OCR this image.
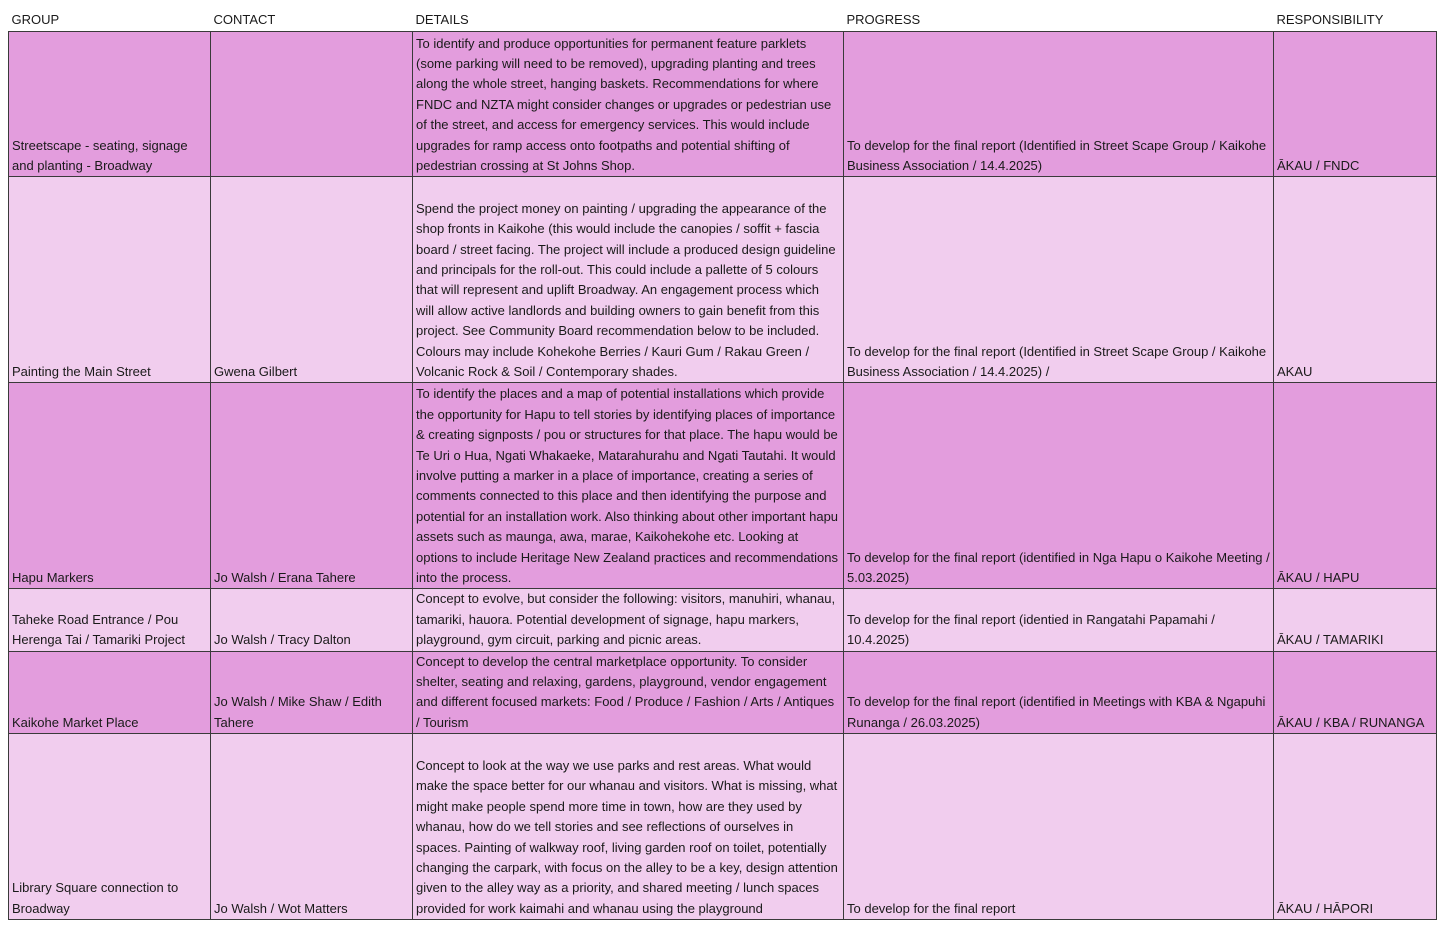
GROUP	CONTACT	DETAILS	PROGRESS	RESPONSIBILITY
Streetscape - seating, signage and planting - Broadway		To identify and produce opportunities for permanent feature parklets (some parking will need to be removed), upgrading planting and trees along the whole street, hanging baskets. Recommendations for where FNDC and NZTA might consider changes or upgrades or pedestrian use of the street, and access for emergency services. This would include upgrades for ramp access onto footpaths and potential shifting of pedestrian crossing at St Johns Shop.	To develop for the final report (Identified in Street Scape Group / Kaikohe Business Association / 14.4.2025)	ĀKAU / FNDC
Painting the Main Street	Gwena Gilbert	Spend the project money on painting / upgrading the appearance of the shop fronts in Kaikohe (this would include the canopies / soffit + fascia board / street facing. The project will include a produced design guideline and principals for the roll-out. This could include a pallette of 5 colours that will represent and uplift Broadway. An engagement process which will allow active landlords and building owners to gain benefit from this project. See Community Board recommendation below to be included. Colours may include Kohekohe Berries / Kauri Gum / Rakau Green / Volcanic Rock & Soil / Contemporary shades.	To develop for the final report (Identified in Street Scape Group / Kaikohe Business Association / 14.4.2025) /	AKAU
Hapu Markers	Jo Walsh / Erana Tahere	To identify the places and a map of potential installations which provide the opportunity for Hapu to tell stories by identifying places of importance & creating signposts / pou or structures for that place. The hapu would be Te Uri o Hua, Ngati Whakaeke, Matarahurahu and Ngati Tautahi. It would involve putting a marker in a place of importance, creating a series of comments connected to this place and then identifying the purpose and potential for an installation work. Also thinking about other important hapu assets such as maunga, awa, marae, Kaikohekohe etc. Looking at options to include Heritage New Zealand practices and recommendations into the process.	To develop for the final report (identified in Nga Hapu o Kaikohe Meeting / 5.03.2025)	ĀKAU / HAPU
Taheke Road Entrance / Pou Herenga Tai / Tamariki Project	Jo Walsh / Tracy Dalton	Concept to evolve, but consider the following: visitors, manuhiri, whanau, tamariki, hauora. Potential development of signage, hapu markers, playground, gym circuit, parking and picnic areas.	To develop for the final report (identied in Rangatahi Papamahi / 10.4.2025)	ĀKAU / TAMARIKI
Kaikohe Market Place	Jo Walsh / Mike Shaw / Edith Tahere	Concept to develop the central marketplace opportunity. To consider shelter, seating and relaxing, gardens, playground, vendor engagement and different focused markets: Food / Produce / Fashion / Arts / Antiques / Tourism	To develop for the final report (identified in Meetings with KBA & Ngapuhi Runanga / 26.03.2025)	ĀKAU / KBA / RUNANGA
Library Square connection to Broadway	Jo Walsh / Wot Matters	Concept to look at the way we use parks and rest areas. What would make the space better for our whanau and visitors. What is missing, what might make people spend more time in town, how are they used by whanau, how do we tell stories and see reflections of ourselves in spaces. Painting of walkway roof, living garden roof on toilet, potentially changing the carpark, with focus on the alley to be a key, design attention given to the alley way as a priority, and shared meeting / lunch spaces provided for work kaimahi and whanau using the playground	To develop for the final report	ĀKAU / HĀPORI
